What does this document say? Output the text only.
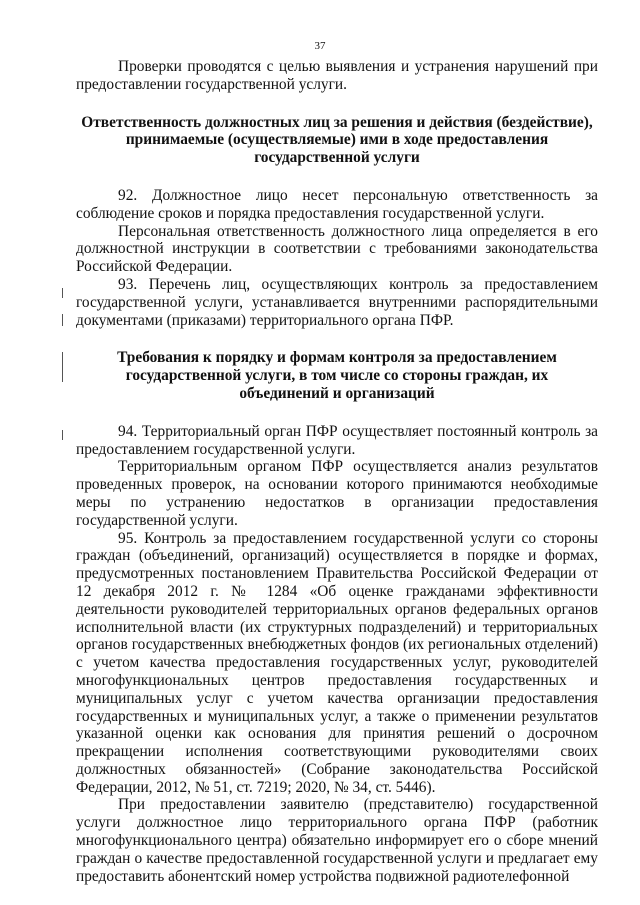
37

Проверки проводятся с целью выявления и устранения нарушений при предоставлении государственной услуги.

Ответственность должностных лиц за решения и действия (бездействие), принимаемые (осуществляемые) ими в ходе предоставления государственной услуги

92. Должностное лицо несет персональную ответственность за соблюдение сроков и порядка предоставления государственной услуги.

Персональная ответственность должностного лица определяется в его должностной инструкции в соответствии с требованиями законодательства Российской Федерации.

93. Перечень лиц, осуществляющих контроль за предоставлением государственной услуги, устанавливается внутренними распорядительными документами (приказами) территориального органа ПФР.

Требования к порядку и формам контроля за предоставлением государственной услуги, в том числе со стороны граждан, их объединений и организаций

94. Территориальный орган ПФР осуществляет постоянный контроль за предоставлением государственной услуги.

Территориальным органом ПФР осуществляется анализ результатов проведенных проверок, на основании которого принимаются необходимые меры по устранению недостатков в организации предоставления государственной услуги.

95. Контроль за предоставлением государственной услуги со стороны граждан (объединений, организаций) осуществляется в порядке и формах, предусмотренных постановлением Правительства Российской Федерации от 12 декабря 2012 г. № 1284 «Об оценке гражданами эффективности деятельности руководителей территориальных органов федеральных органов исполнительной власти (их структурных подразделений) и территориальных органов государственных внебюджетных фондов (их региональных отделений) с учетом качества предоставления государственных услуг, руководителей многофункциональных центров предоставления государственных и муниципальных услуг с учетом качества организации предоставления государственных и муниципальных услуг, а также о применении результатов указанной оценки как основания для принятия решений о досрочном прекращении исполнения соответствующими руководителями своих должностных обязанностей» (Собрание законодательства Российской Федерации, 2012, № 51, ст. 7219; 2020, № 34, ст. 5446).

При предоставлении заявителю (представителю) государственной услуги должностное лицо территориального органа ПФР (работник многофункционального центра) обязательно информирует его о сборе мнений граждан о качестве предоставленной государственной услуги и предлагает ему предоставить абонентский номер устройства подвижной радиотелефонной
